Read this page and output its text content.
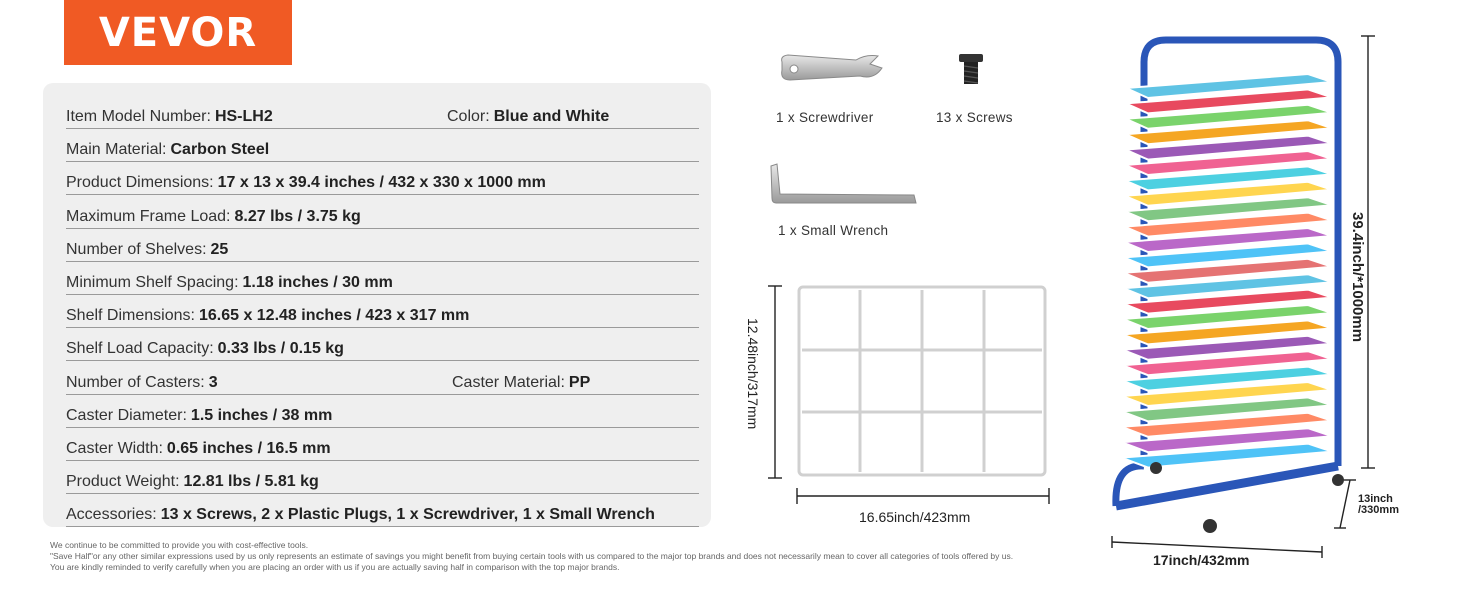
VEVOR
Item Model Number: HS-LH2	Color: Blue and White
Main Material: Carbon Steel
Product Dimensions: 17 x 13 x 39.4 inches / 432 x 330 x 1000 mm
Maximum Frame Load: 8.27 lbs / 3.75 kg
Number of Shelves: 25
Minimum Shelf Spacing: 1.18 inches / 30 mm
Shelf Dimensions: 16.65 x 12.48 inches / 423 x 317 mm
Shelf Load Capacity: 0.33 lbs / 0.15 kg
Number of Casters: 3	Caster Material: PP
Caster Diameter: 1.5 inches / 38 mm
Caster Width: 0.65 inches / 16.5 mm
Product Weight: 12.81 lbs / 5.81 kg
Accessories: 13 x Screws, 2 x Plastic Plugs, 1 x Screwdriver, 1 x Small Wrench
We continue to be committed to provide you with cost-effective tools.
"Save Half"or any other similar expressions used by us only represents an estimate of savings you might benefit from buying certain tools with us compared to the major top brands and does not necessarily mean to cover all categories of tools offered by us.
You are kindly reminded to verify carefully when you are placing an order with us if you are actually saving half in comparison with the top major brands.
1 x Screwdriver	13 x Screws
1 x Small Wrench
12.48inch/317mm
16.65inch/423mm
39.4inch/*1000mm
17inch/432mm
13inch
/330mm
